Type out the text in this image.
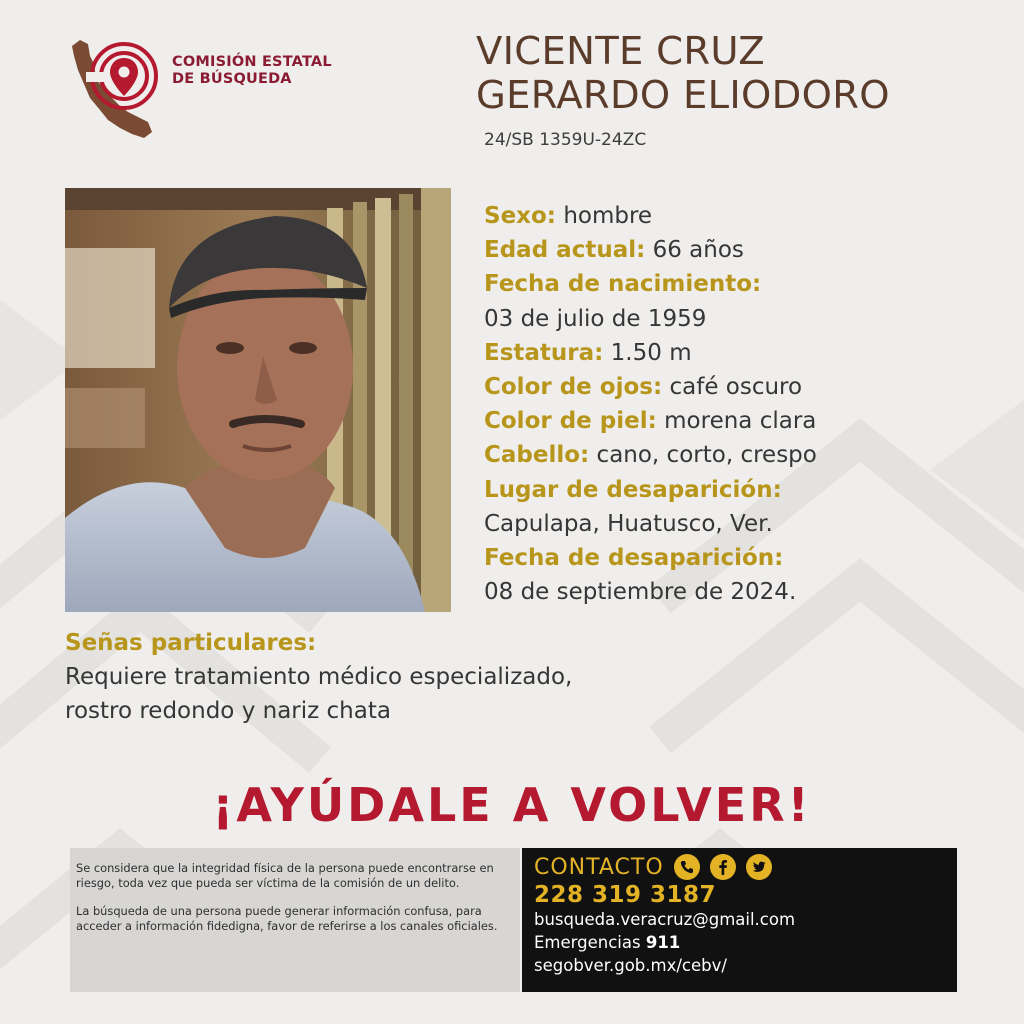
COMISIÓN ESTATAL
DE BÚSQUEDA
VICENTE CRUZ
GERARDO ELIODORO
24/SB 1359U-24ZC
Sexo: hombre
Edad actual: 66 años
Fecha de nacimiento:
03 de julio de 1959
Estatura: 1.50 m
Color de ojos: café oscuro
Color de piel: morena clara
Cabello: cano, corto, crespo
Lugar de desaparición:
Capulapa, Huatusco, Ver.
Fecha de desaparición:
08 de septiembre de 2024.
Señas particulares:
Requiere tratamiento médico especializado,
rostro redondo y nariz chata
¡AYÚDALE A VOLVER!

Se considera que la integridad física de la persona puede encontrarse en riesgo, toda vez que pueda ser víctima de la comisión de un delito.

La búsqueda de una persona puede generar información confusa, para acceder a información fidedigna, favor de referirse a los canales oficiales.

CONTACTO
228 319 3187
busqueda.veracruz@gmail.com
Emergencias 911
segobver.gob.mx/cebv/
